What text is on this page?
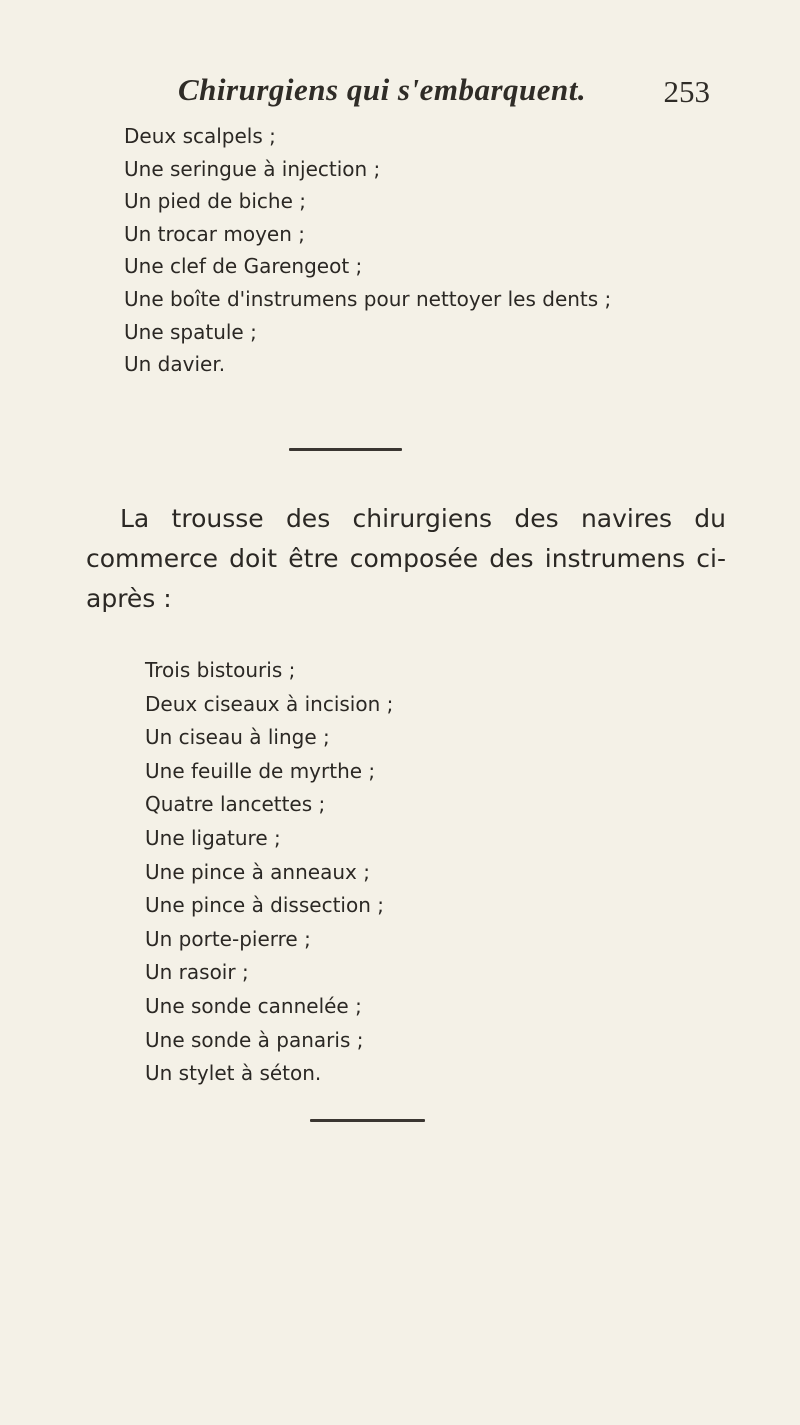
Chirurgiens qui s'embarquent. 253
Deux scalpels ;
Une seringue à injection ;
Un pied de biche ;
Un trocar moyen ;
Une clef de Garengeot ;
Une boîte d'instrumens pour nettoyer les dents ;
Une spatule ;
Un davier.

La trousse des chirurgiens des navires du commerce doit être composée des instrumens ci-après :

Trois bistouris ;
Deux ciseaux à incision ;
Un ciseau à linge ;
Une feuille de myrthe ;
Quatre lancettes ;
Une ligature ;
Une pince à anneaux ;
Une pince à dissection ;
Un porte-pierre ;
Un rasoir ;
Une sonde cannelée ;
Une sonde à panaris ;
Un stylet à séton.
